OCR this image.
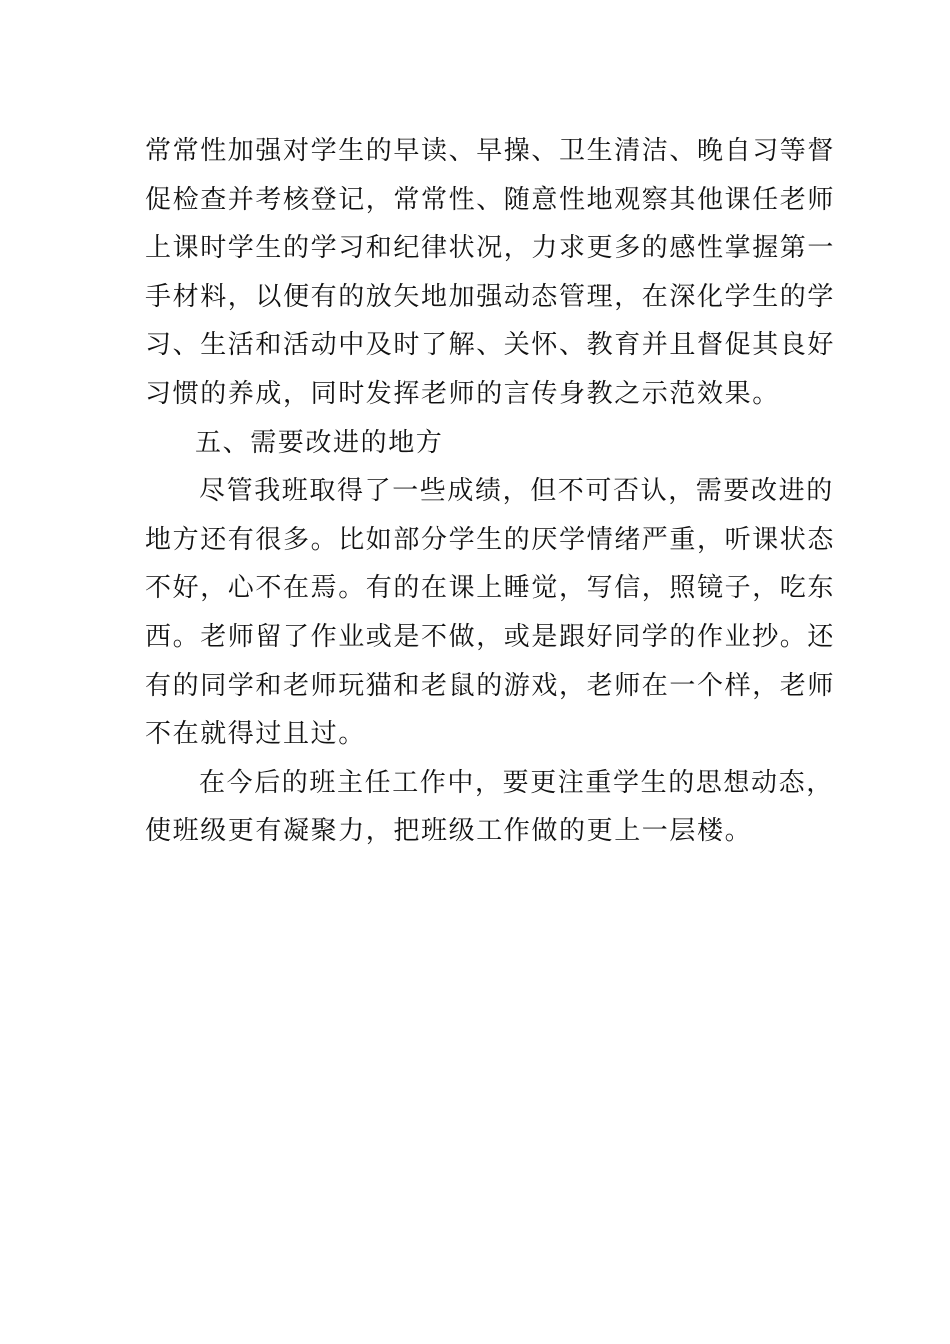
常常性加强对学生的早读、早操、卫生清洁、晚自习等督
促检查并考核登记，常常性、随意性地观察其他课任老师
上课时学生的学习和纪律状况，力求更多的感性掌握第一
手材料，以便有的放矢地加强动态管理，在深化学生的学
习、生活和活动中及时了解、关怀、教育并且督促其良好
习惯的养成，同时发挥老师的言传身教之示范效果。
五、需要改进的地方
尽管我班取得了一些成绩，但不可否认，需要改进的
地方还有很多。比如部分学生的厌学情绪严重，听课状态
不好，心不在焉。有的在课上睡觉，写信，照镜子，吃东
西。老师留了作业或是不做，或是跟好同学的作业抄。还
有的同学和老师玩猫和老鼠的游戏，老师在一个样，老师
不在就得过且过。
在今后的班主任工作中，要更注重学生的思想动态，
使班级更有凝聚力，把班级工作做的更上一层楼。
